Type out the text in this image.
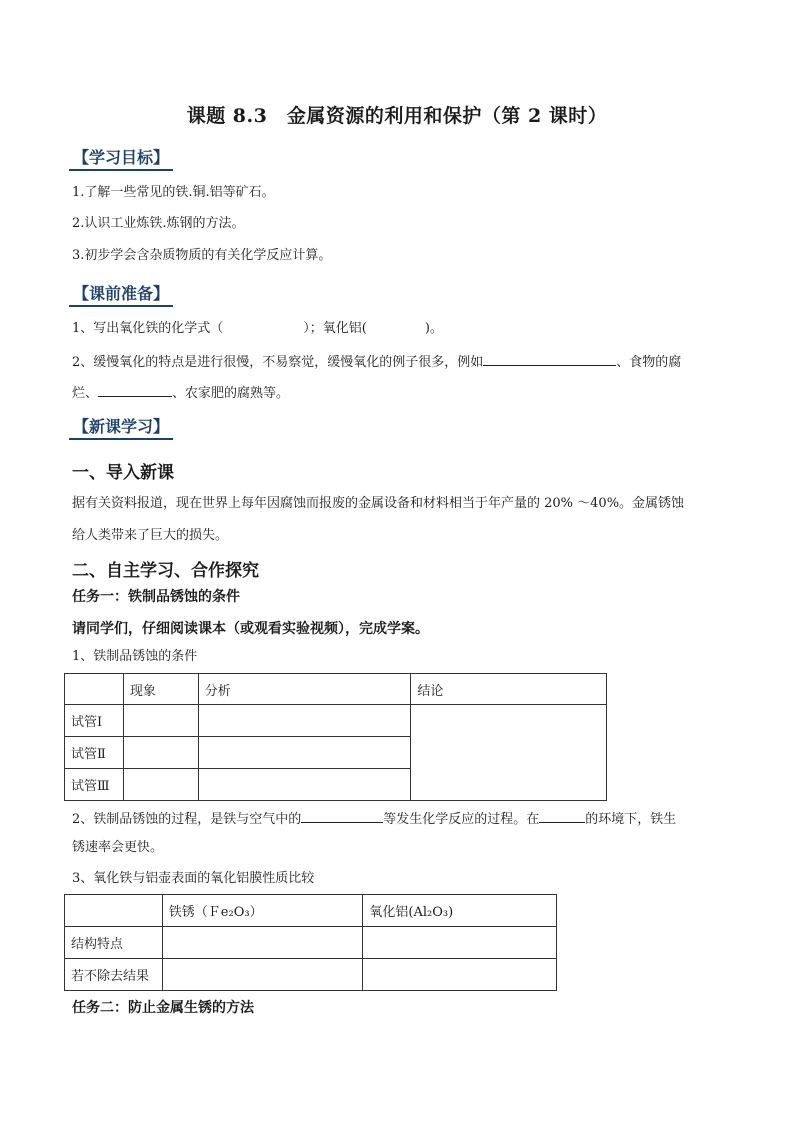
课题 8.3　金属资源的利用和保护（第 2 课时）
【学习目标】
1.了解一些常见的铁.铜.铝等矿石。
2.认识工业炼铁.炼钢的方法。
3.初步学会含杂质物质的有关化学反应计算。
【课前准备】
1、写出氧化铁的化学式（	）；氧化铝(	)。
2、缓慢氧化的特点是进行很慢，不易察觉，缓慢氧化的例子很多，例如	、食物的腐
烂、	、农家肥的腐熟等。
【新课学习】
一、导入新课
据有关资料报道，现在世界上每年因腐蚀而报废的金属设备和材料相当于年产量的 20% ～40%。金属锈蚀
给人类带来了巨大的损失。
二、自主学习、合作探究
任务一：铁制品锈蚀的条件
请同学们，仔细阅读课本（或观看实验视频），完成学案。
1、铁制品锈蚀的条件
	现象	分析	结论
试管Ⅰ			
试管Ⅱ			
试管Ⅲ			
2、铁制品锈蚀的过程，是铁与空气中的	等发生化学反应的过程。在	的环境下，铁生
锈速率会更快。
3、氧化铁与铝壶表面的氧化铝膜性质比较
	铁锈（Ｆe₂O₃）	氧化铝(Al₂O₃)
结构特点		
若不除去结果		
任务二：防止金属生锈的方法
